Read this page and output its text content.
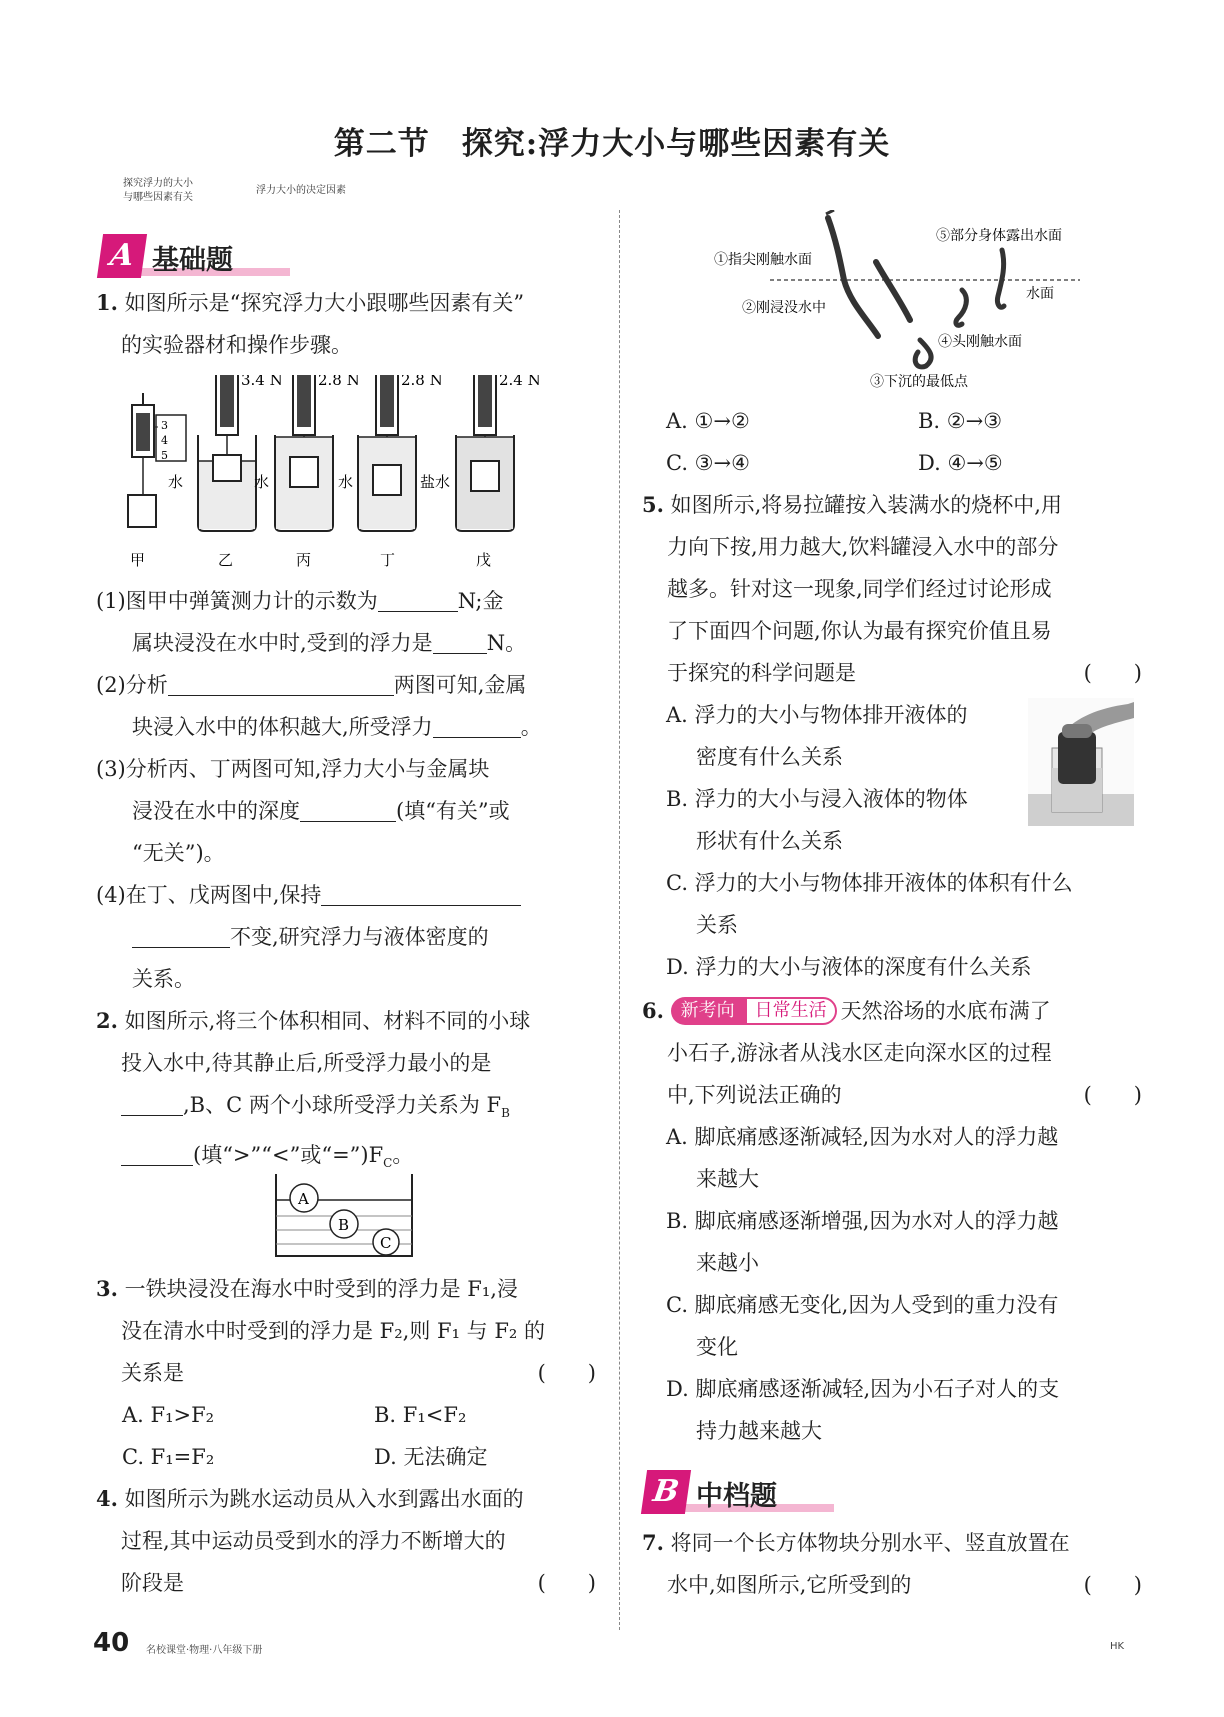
第二节　探究:浮力大小与哪些因素有关
探究浮力的大小
与哪些因素有关
浮力大小的决定因素
A 基础题
1. 如图所示是“探究浮力大小跟哪些因素有关”
的实验器材和操作步骤。
3
4
5
甲
3.4 N
水
乙
2.8 N
水
丙
2.8 N
水
丁
2.4 N
盐水
戊
(1)图甲中弹簧测力计的示数为	N;金
属块浸没在水中时,受到的浮力是	N。
(2)分析	两图可知,金属
块浸入水中的体积越大,所受浮力	。
(3)分析丙、丁两图可知,浮力大小与金属块
浸没在水中的深度	(填“有关”或
“无关”)。
(4)在丁、戊两图中,保持
不变,研究浮力与液体密度的
关系。
2. 如图所示,将三个体积相同、材料不同的小球
投入水中,待其静止后,所受浮力最小的是
,B、C 两个小球所受浮力关系为 $F_B$
(填“>”“<”或“$=”)F_C$。
A
B
C
3. 一铁块浸没在海水中时受到的浮力是 F₁,浸
没在清水中时受到的浮力是 F₂,则 F₁ 与 F₂ 的
关系是	(　　)
A. F₁>F₂	B. F₁<F₂
C. F₁=F₂	D. 无法确定
4. 如图所示为跳水运动员从入水到露出水面的
过程,其中运动员受到水的浮力不断增大的
阶段是	(　　)
①指尖刚触水面
②刚浸没水中
③下沉的最低点
④头刚触水面
⑤部分身体露出水面
水面
A. ①→②	B. ②→③
C. ③→④	D. ④→⑤
5. 如图所示,将易拉罐按入装满水的烧杯中,用
力向下按,用力越大,饮料罐浸入水中的部分
越多。针对这一现象,同学们经过讨论形成
了下面四个问题,你认为最有探究价值且易
于探究的科学问题是	(　　)
A. 浮力的大小与物体排开液体的
密度有什么关系
B. 浮力的大小与浸入液体的物体
形状有什么关系
C. 浮力的大小与物体排开液体的体积有什么
关系
D. 浮力的大小与液体的深度有什么关系
6. 新考向 日常生活 天然浴场的水底布满了
小石子,游泳者从浅水区走向深水区的过程
中,下列说法正确的	(　　)
A. 脚底痛感逐渐减轻,因为水对人的浮力越
来越大
B. 脚底痛感逐渐增强,因为水对人的浮力越
来越小
C. 脚底痛感无变化,因为人受到的重力没有
变化
D. 脚底痛感逐渐减轻,因为小石子对人的支
持力越来越大
B 中档题
7. 将同一个长方体物块分别水平、竖直放置在
水中,如图所示,它所受到的	(　　)
40 名校课堂·物理·八年级下册	HK
